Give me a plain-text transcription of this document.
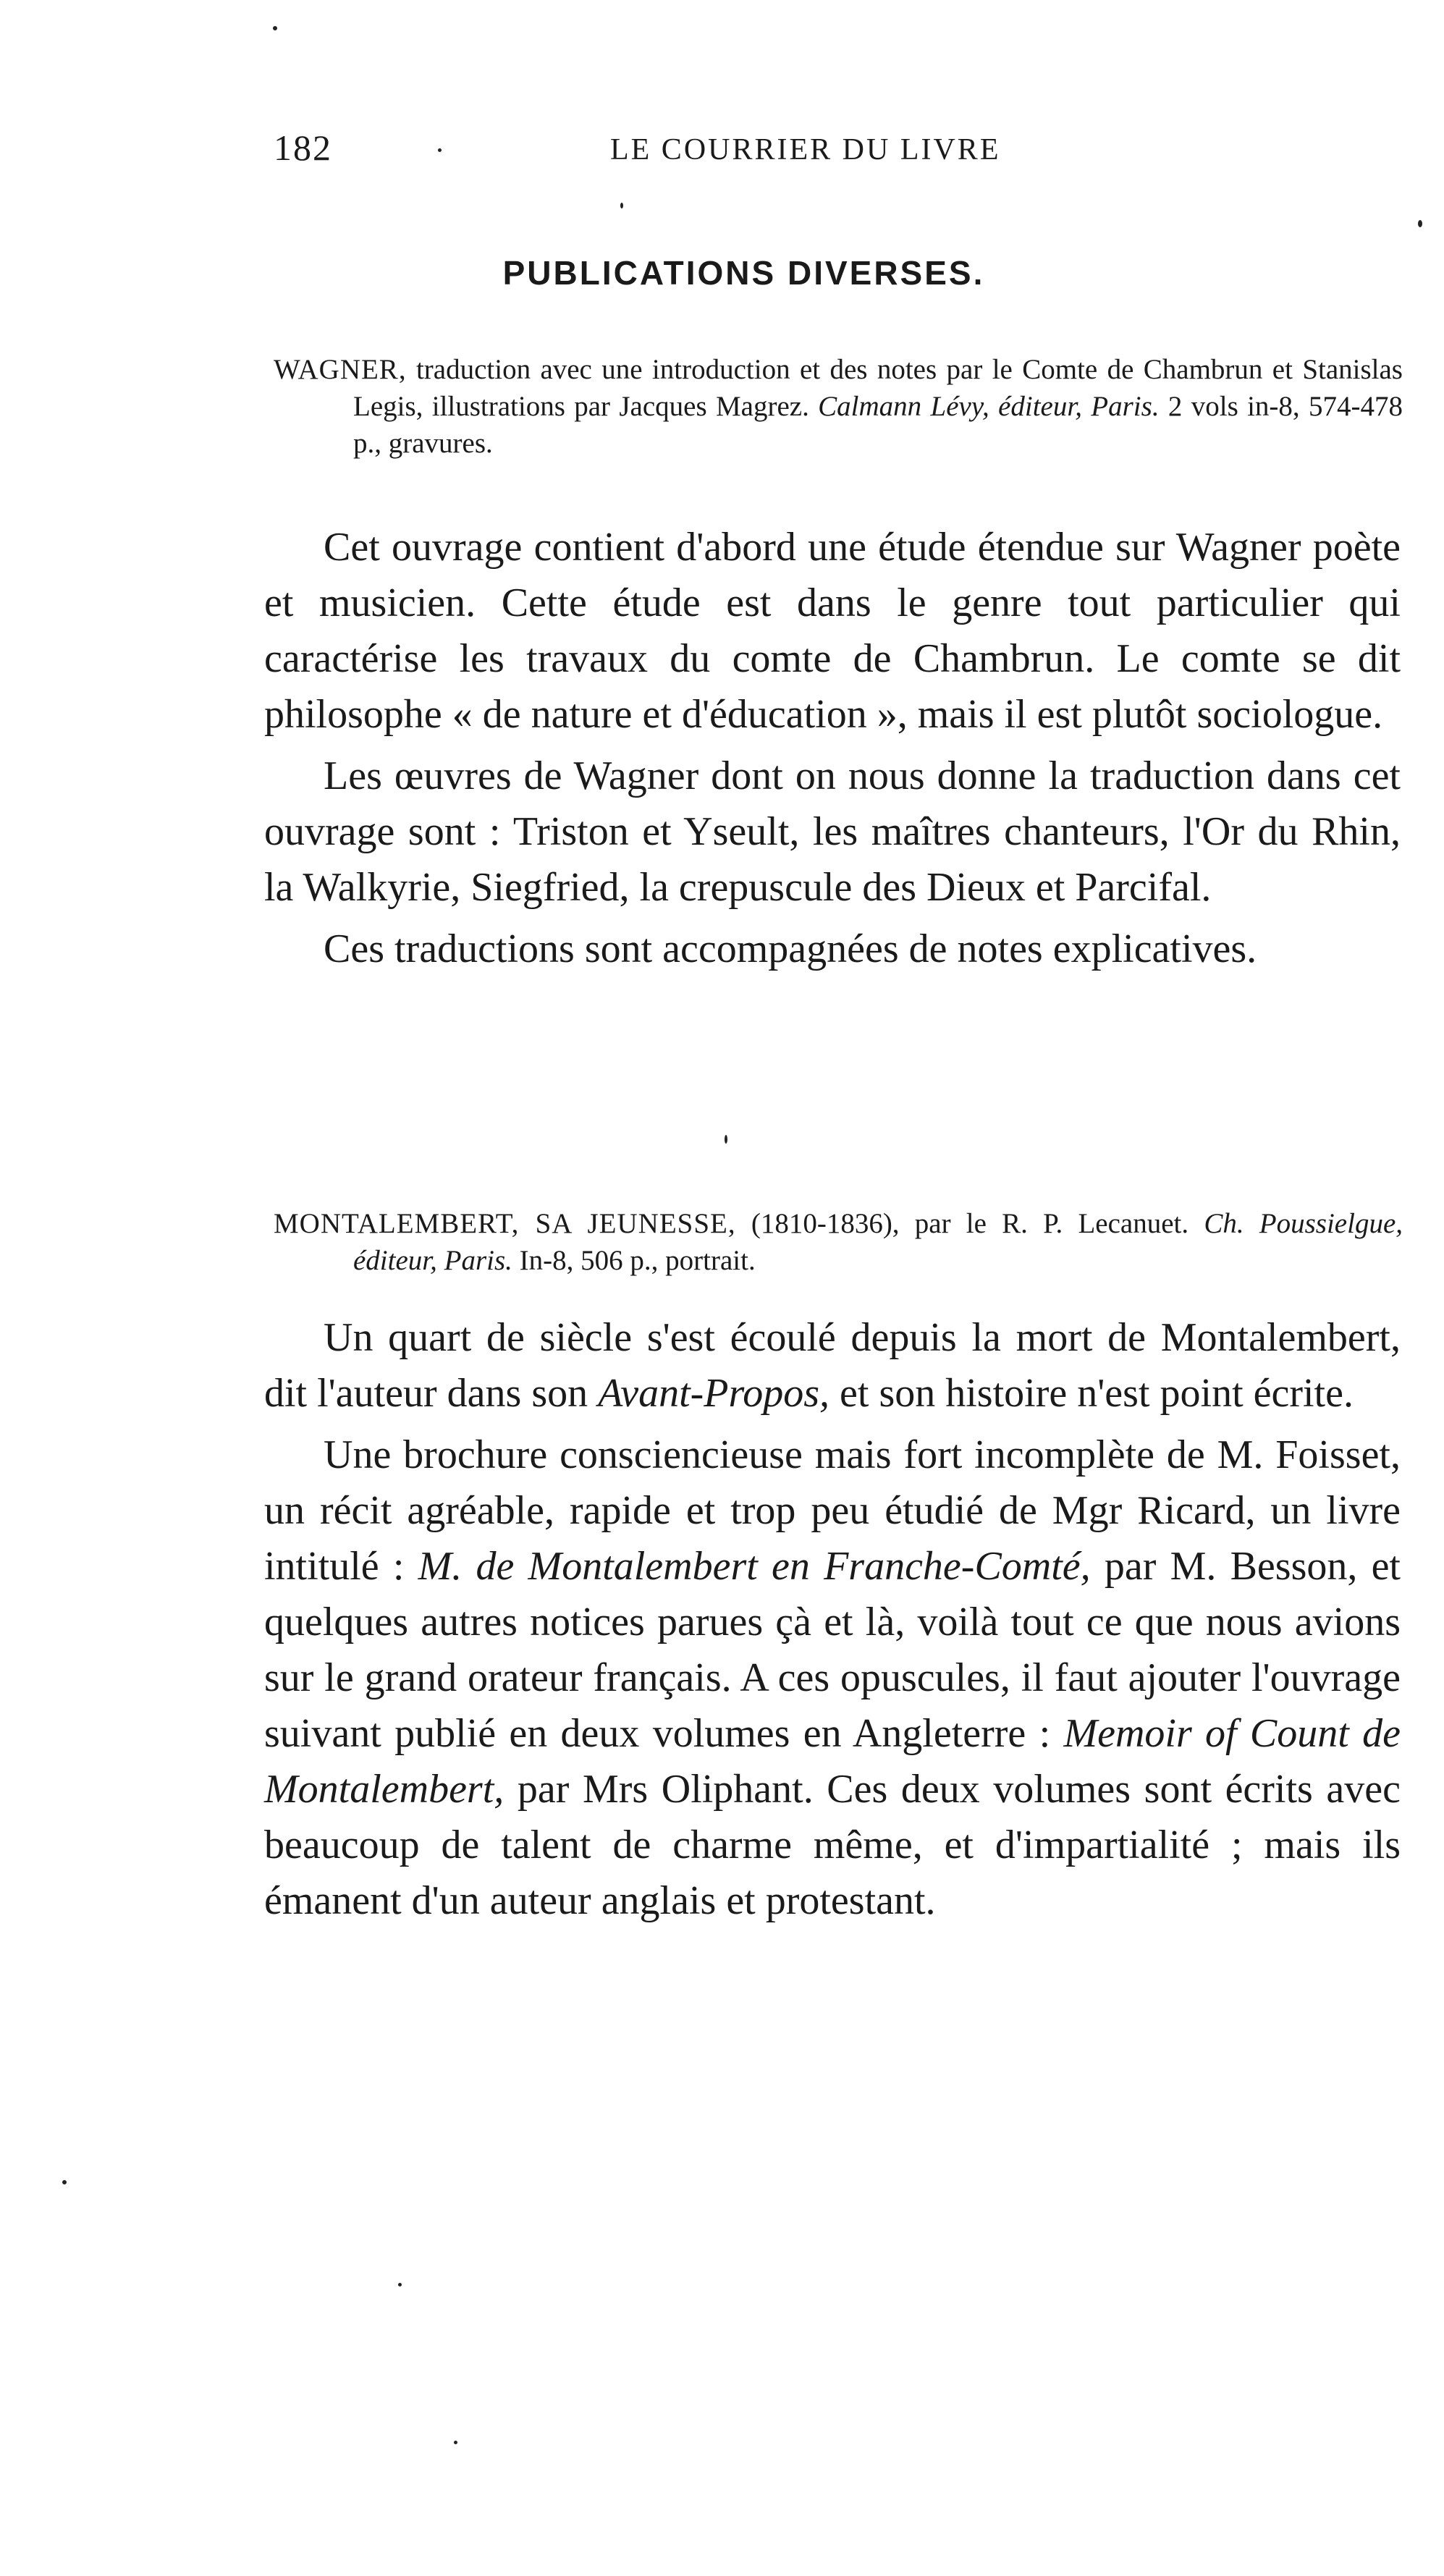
182	LE COURRIER DU LIVRE
PUBLICATIONS DIVERSES.

WAGNER, traduction avec une introduction et des notes par le Comte de Chambrun et Stanislas Legis, illustrations par Jacques Magrez. Calmann Lévy, éditeur, Paris. 2 vols in-8, 574-478 p., gravures.

Cet ouvrage contient d'abord une étude étendue sur Wagner poète et musicien. Cette étude est dans le genre tout particulier qui caractérise les travaux du comte de Chambrun. Le comte se dit philosophe « de nature et d'éducation », mais il est plutôt sociologue.

Les œuvres de Wagner dont on nous donne la traduction dans cet ouvrage sont : Triston et Yseult, les maîtres chanteurs, l'Or du Rhin, la Walkyrie, Siegfried, la crepuscule des Dieux et Parcifal.

Ces traductions sont accompagnées de notes explicatives.

MONTALEMBERT, SA JEUNESSE, (1810-1836), par le R. P. Lecanuet. Ch. Poussielgue, éditeur, Paris. In-8, 506 p., portrait.

Un quart de siècle s'est écoulé depuis la mort de Montalembert, dit l'auteur dans son Avant-Propos, et son histoire n'est point écrite.

Une brochure consciencieuse mais fort incomplète de M. Foisset, un récit agréable, rapide et trop peu étudié de Mgr Ricard, un livre intitulé : M. de Montalembert en Franche-Comté, par M. Besson, et quelques autres notices parues çà et là, voilà tout ce que nous avions sur le grand orateur français. A ces opuscules, il faut ajouter l'ouvrage suivant publié en deux volumes en Angleterre : Memoir of Count de Montalembert, par Mrs Oliphant. Ces deux volumes sont écrits avec beaucoup de talent de charme même, et d'impartialité ; mais ils émanent d'un auteur anglais et protestant.
